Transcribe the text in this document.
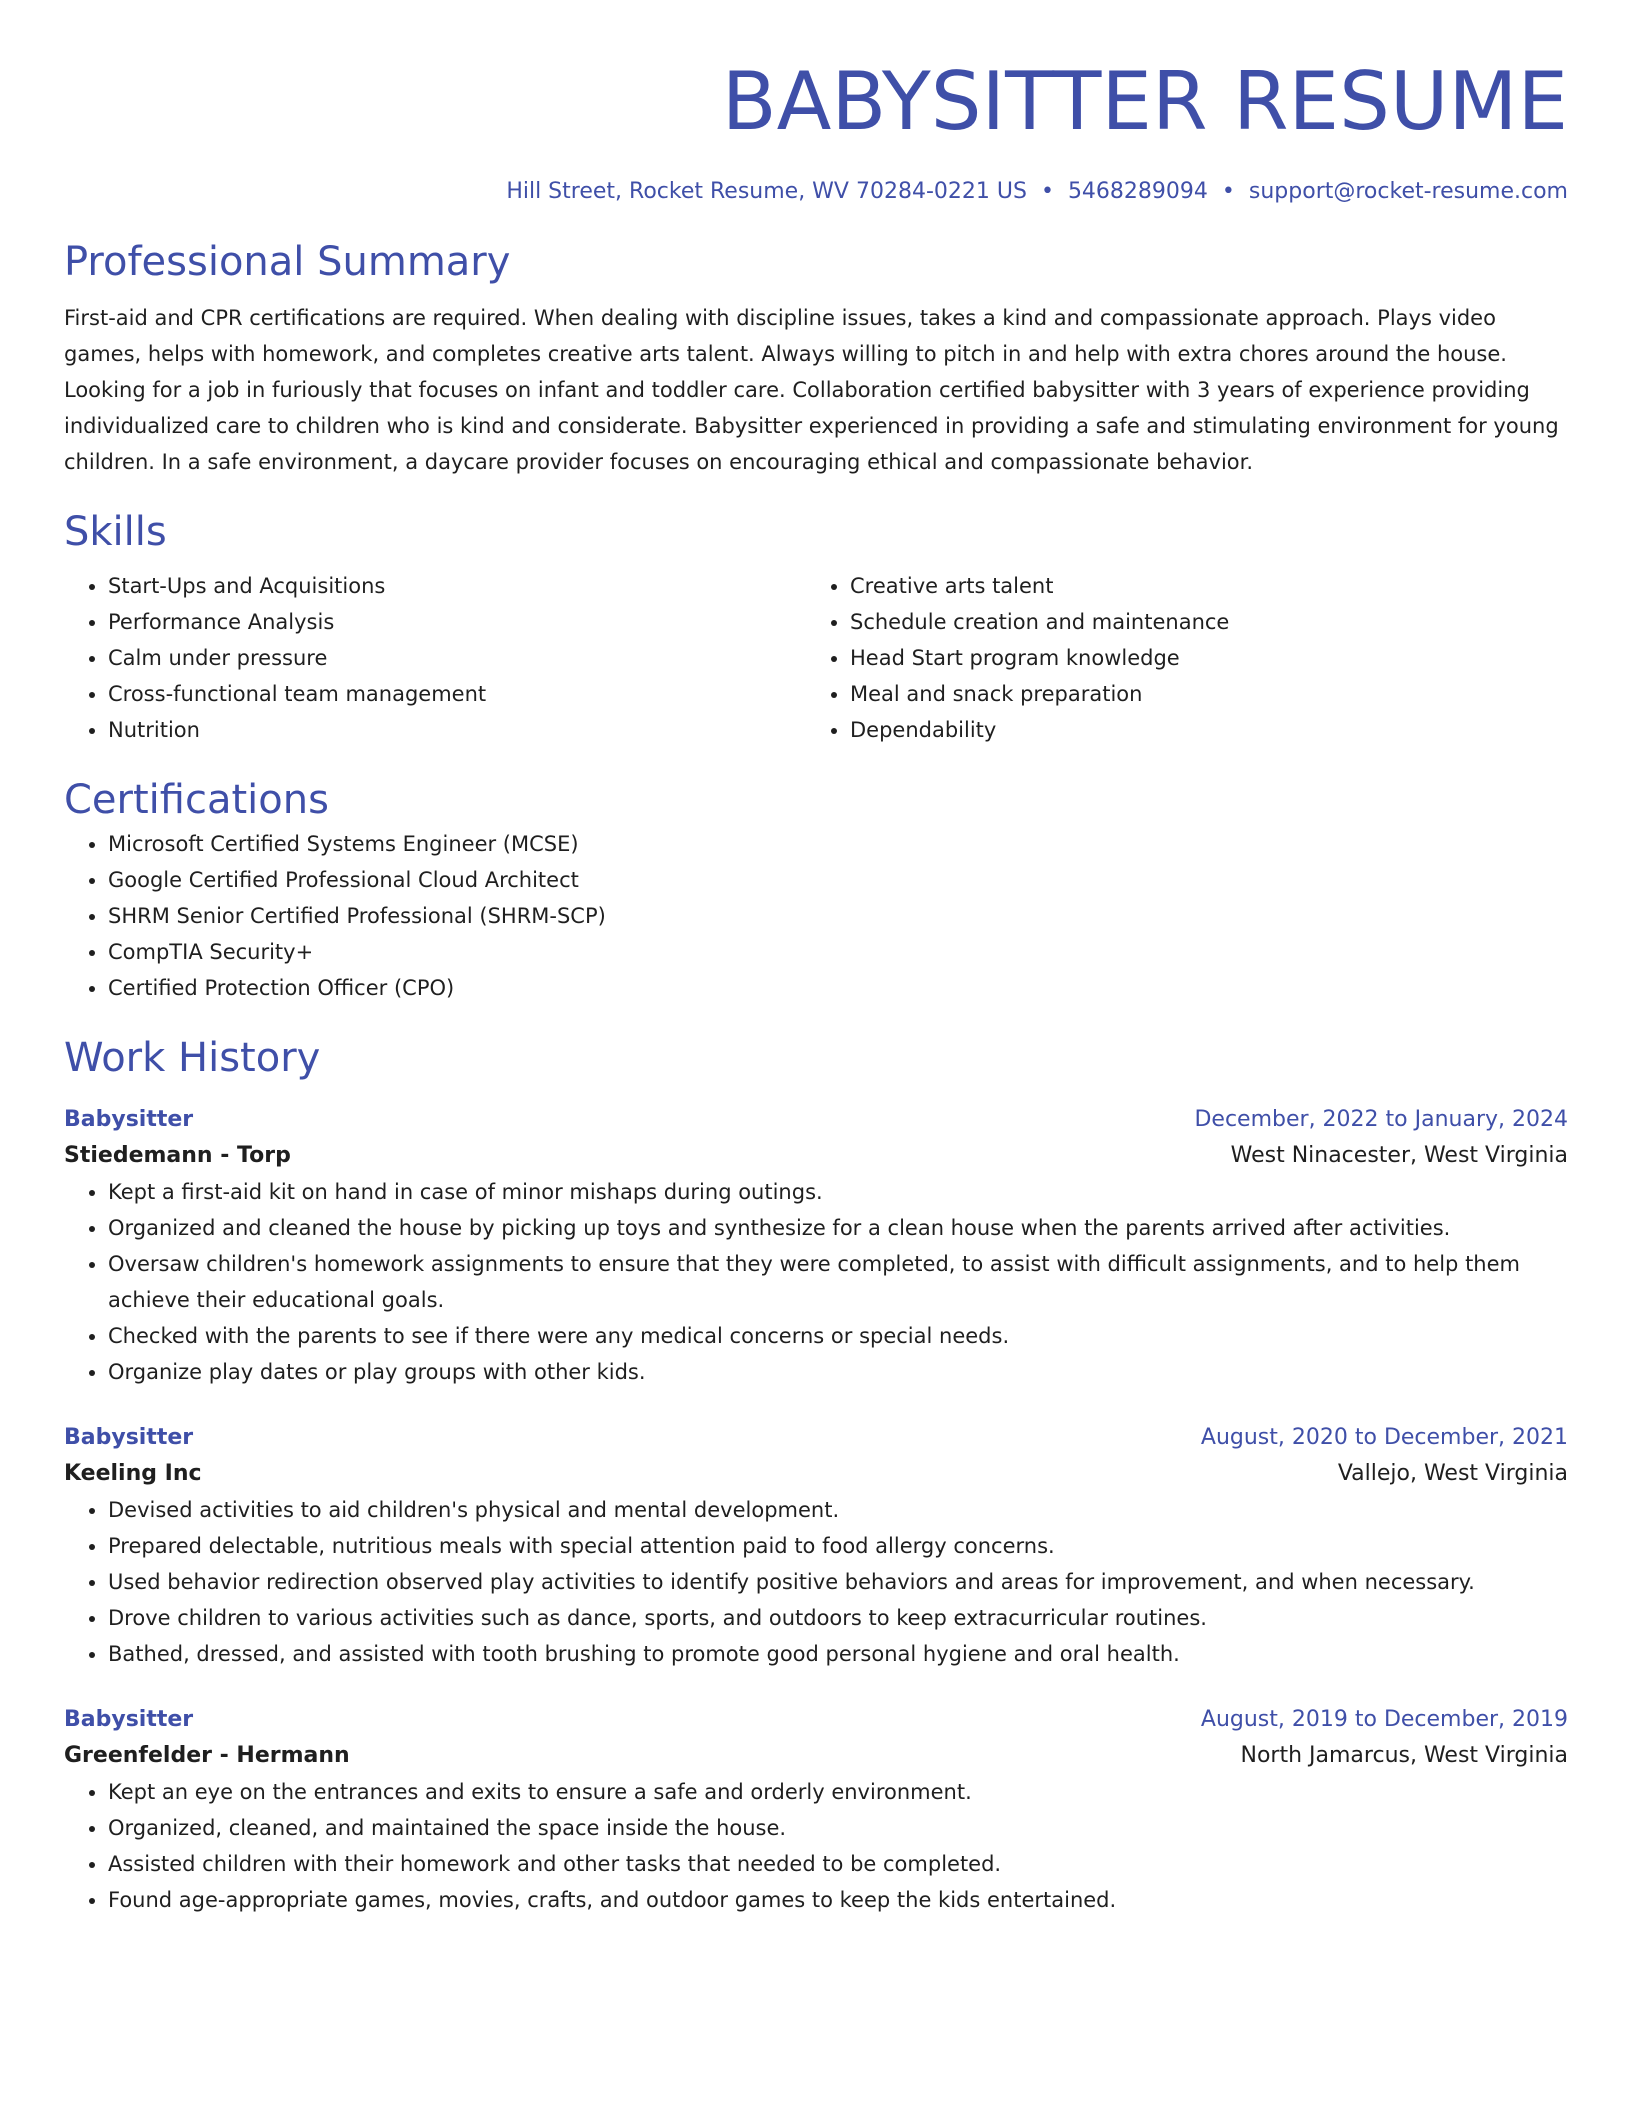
BABYSITTER RESUME
Hill Street, Rocket Resume, WV 70284-0221 US • 5468289094 • support@rocket-resume.com
Professional Summary
First-aid and CPR certifications are required. When dealing with discipline issues, takes a kind and compassionate approach. Plays video games, helps with homework, and completes creative arts talent. Always willing to pitch in and help with extra chores around the house. Looking for a job in furiously that focuses on infant and toddler care. Collaboration certified babysitter with 3 years of experience providing individualized care to children who is kind and considerate. Babysitter experienced in providing a safe and stimulating environment for young children. In a safe environment, a daycare provider focuses on encouraging ethical and compassionate behavior.
Skills
• Start-Ups and Acquisitions
• Performance Analysis
• Calm under pressure
• Cross-functional team management
• Nutrition
• Creative arts talent
• Schedule creation and maintenance
• Head Start program knowledge
• Meal and snack preparation
• Dependability
Certifications
• Microsoft Certified Systems Engineer (MCSE)
• Google Certified Professional Cloud Architect
• SHRM Senior Certified Professional (SHRM-SCP)
• CompTIA Security+
• Certified Protection Officer (CPO)
Work History
Babysitter	December, 2022 to January, 2024
Stiedemann - Torp	West Ninacester, West Virginia
• Kept a first-aid kit on hand in case of minor mishaps during outings.
• Organized and cleaned the house by picking up toys and synthesize for a clean house when the parents arrived after activities.
• Oversaw children's homework assignments to ensure that they were completed, to assist with difficult assignments, and to help them achieve their educational goals.
• Checked with the parents to see if there were any medical concerns or special needs.
• Organize play dates or play groups with other kids.
Babysitter	August, 2020 to December, 2021
Keeling Inc	Vallejo, West Virginia
• Devised activities to aid children's physical and mental development.
• Prepared delectable, nutritious meals with special attention paid to food allergy concerns.
• Used behavior redirection observed play activities to identify positive behaviors and areas for improvement, and when necessary.
• Drove children to various activities such as dance, sports, and outdoors to keep extracurricular routines.
• Bathed, dressed, and assisted with tooth brushing to promote good personal hygiene and oral health.
Babysitter	August, 2019 to December, 2019
Greenfelder - Hermann	North Jamarcus, West Virginia
• Kept an eye on the entrances and exits to ensure a safe and orderly environment.
• Organized, cleaned, and maintained the space inside the house.
• Assisted children with their homework and other tasks that needed to be completed.
• Found age-appropriate games, movies, crafts, and outdoor games to keep the kids entertained.
